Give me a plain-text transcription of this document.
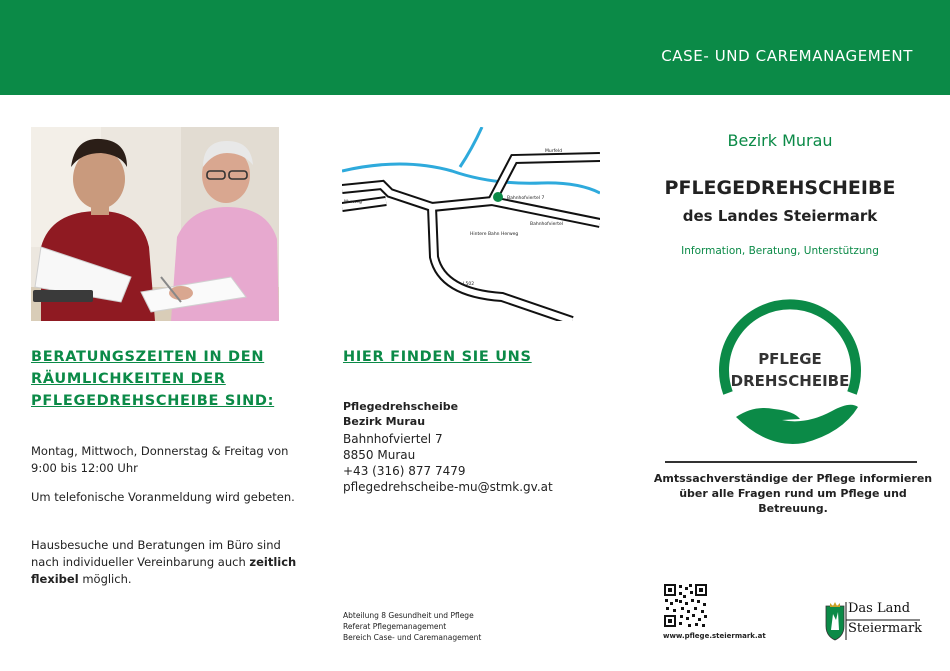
CASE- UND CAREMANAGEMENT
Murfeld
Bahnhofviertel 7
Murweg
Bahnhofviertel
Hintere Bahn Herweg
L502
BERATUNGSZEITEN IN DEN RÄUMLICHKEITEN DER PFLEGEDREHSCHEIBE SIND:

Montag, Mittwoch, Donnerstag & Freitag von 9:00 bis 12:00 Uhr

Um telefonische Voranmeldung wird gebeten.

Hausbesuche und Beratungen im Büro sind nach individueller Vereinbarung auch zeitlich flexibel möglich.

HIER FINDEN SIE UNS
Pflegedrehscheibe
Bezirk Murau
Bahnhofviertel 7
8850 Murau
+43 (316) 877 7479
pflegedrehscheibe-mu@stmk.gv.at
Abteilung 8 Gesundheit und Pflege
Referat Pflegemanagement
Bereich Case- und Caremanagement

Bezirk Murau

PFLEGEDREHSCHEIBE

des Landes Steiermark

Information, Beratung, Unterstützung

PFLEGE
DREHSCHEIBE

Amtssachverständige der Pflege informieren über alle Fragen rund um Pflege und Betreuung.

www.pflege.steiermark.at

Das Land
Steiermark
